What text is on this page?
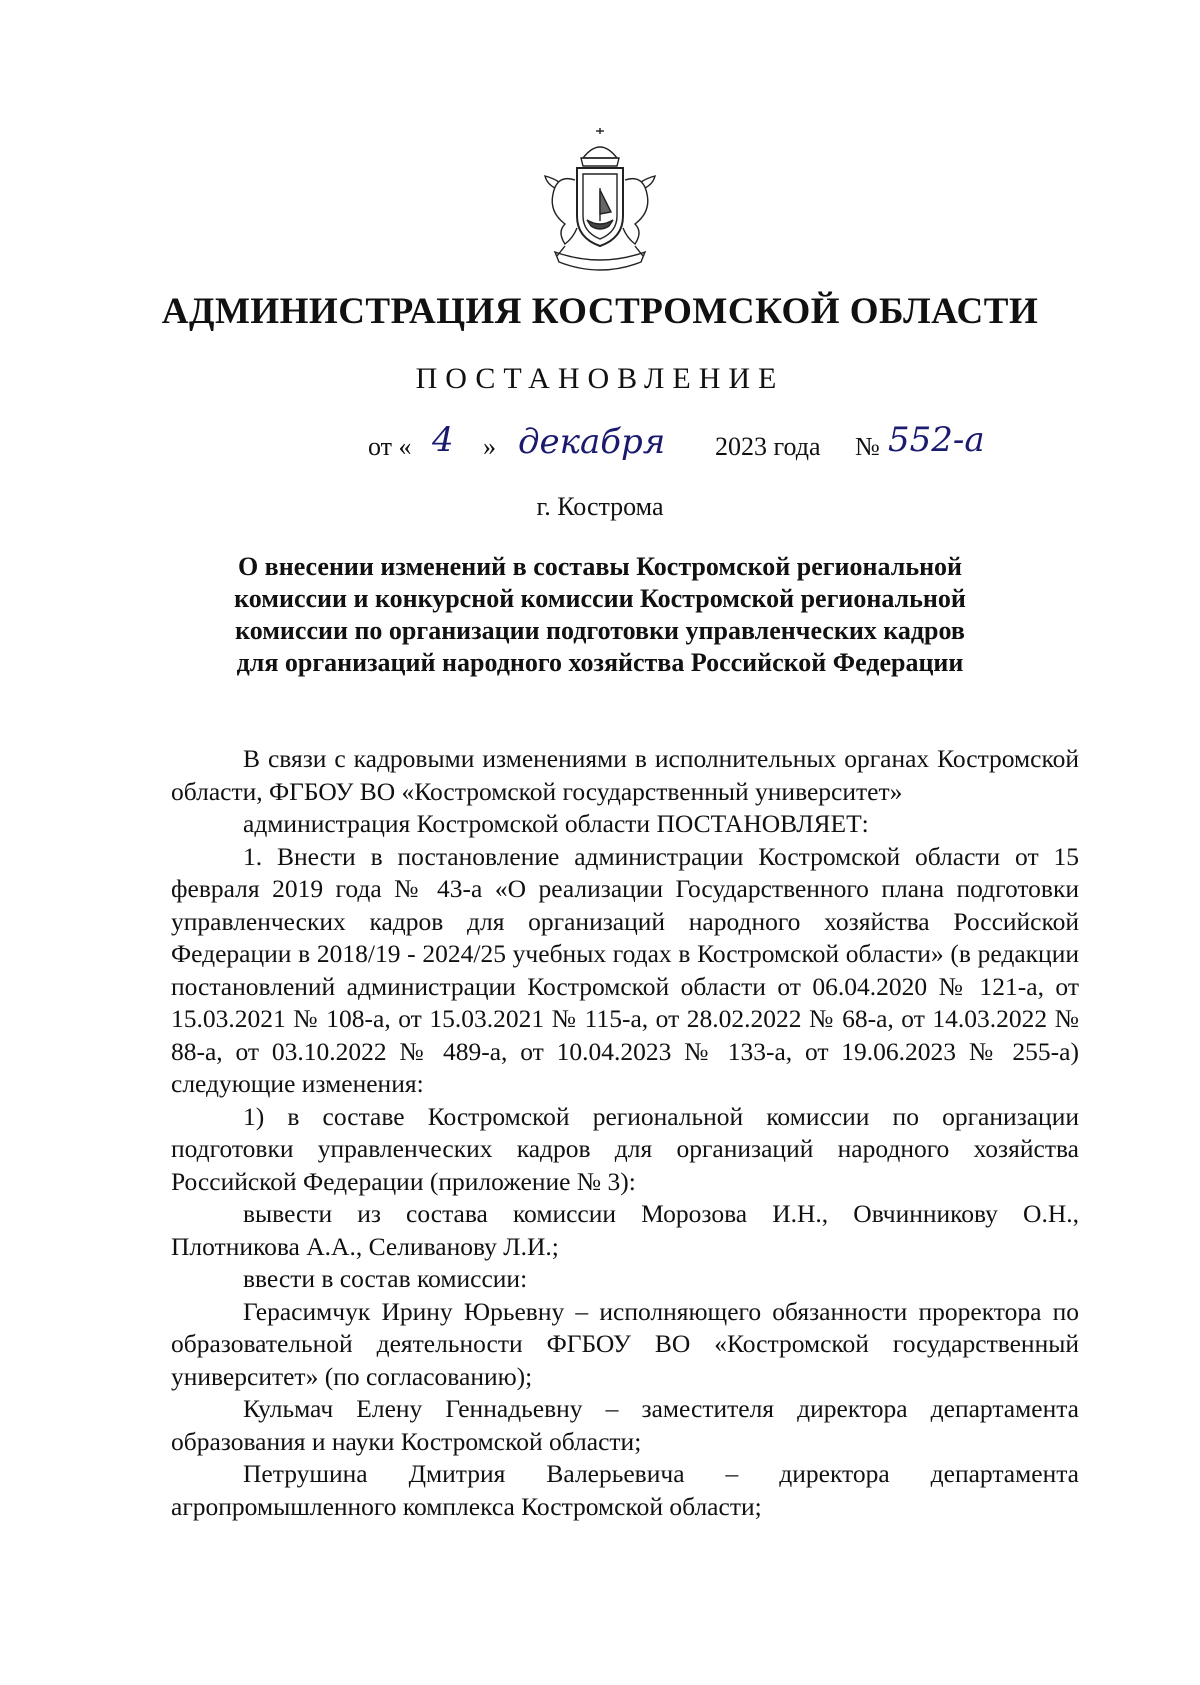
АДМИНИСТРАЦИЯ КОСТРОМСКОЙ ОБЛАСТИ
ПОСТАНОВЛЕНИЕ
от « 4 » декабря 2023 года № 552-а
г. Кострома
О внесении изменений в составы Костромской региональной
комиссии и конкурсной комиссии Костромской региональной
комиссии по организации подготовки управленческих кадров
для организаций народного хозяйства Российской Федерации

В связи с кадровыми изменениями в исполнительных органах Костромской области, ФГБОУ ВО «Костромской государственный университет»

администрация Костромской области ПОСТАНОВЛЯЕТ:

1. Внести в постановление администрации Костромской области от 15 февраля 2019 года № 43-а «О реализации Государственного плана подготовки управленческих кадров для организаций народного хозяйства Российской Федерации в 2018/19 - 2024/25 учебных годах в Костромской области» (в редакции постановлений администрации Костромской области от 06.04.2020 № 121-а, от 15.03.2021 № 108-а, от 15.03.2021 № 115-а, от 28.02.2022 № 68-а, от 14.03.2022 № 88-а, от 03.10.2022 № 489-а, от 10.04.2023 № 133-а, от 19.06.2023 № 255-а) следующие изменения:

1) в составе Костромской региональной комиссии по организации подготовки управленческих кадров для организаций народного хозяйства Российской Федерации (приложение № 3):

вывести из состава комиссии Морозова И.Н., Овчинникову О.Н., Плотникова А.А., Селиванову Л.И.;

ввести в состав комиссии:

Герасимчук Ирину Юрьевну – исполняющего обязанности проректора по образовательной деятельности ФГБОУ ВО «Костромской государственный университет» (по согласованию);

Кульмач Елену Геннадьевну – заместителя директора департамента образования и науки Костромской области;

Петрушина Дмитрия Валерьевича – директора департамента агропромышленного комплекса Костромской области;
